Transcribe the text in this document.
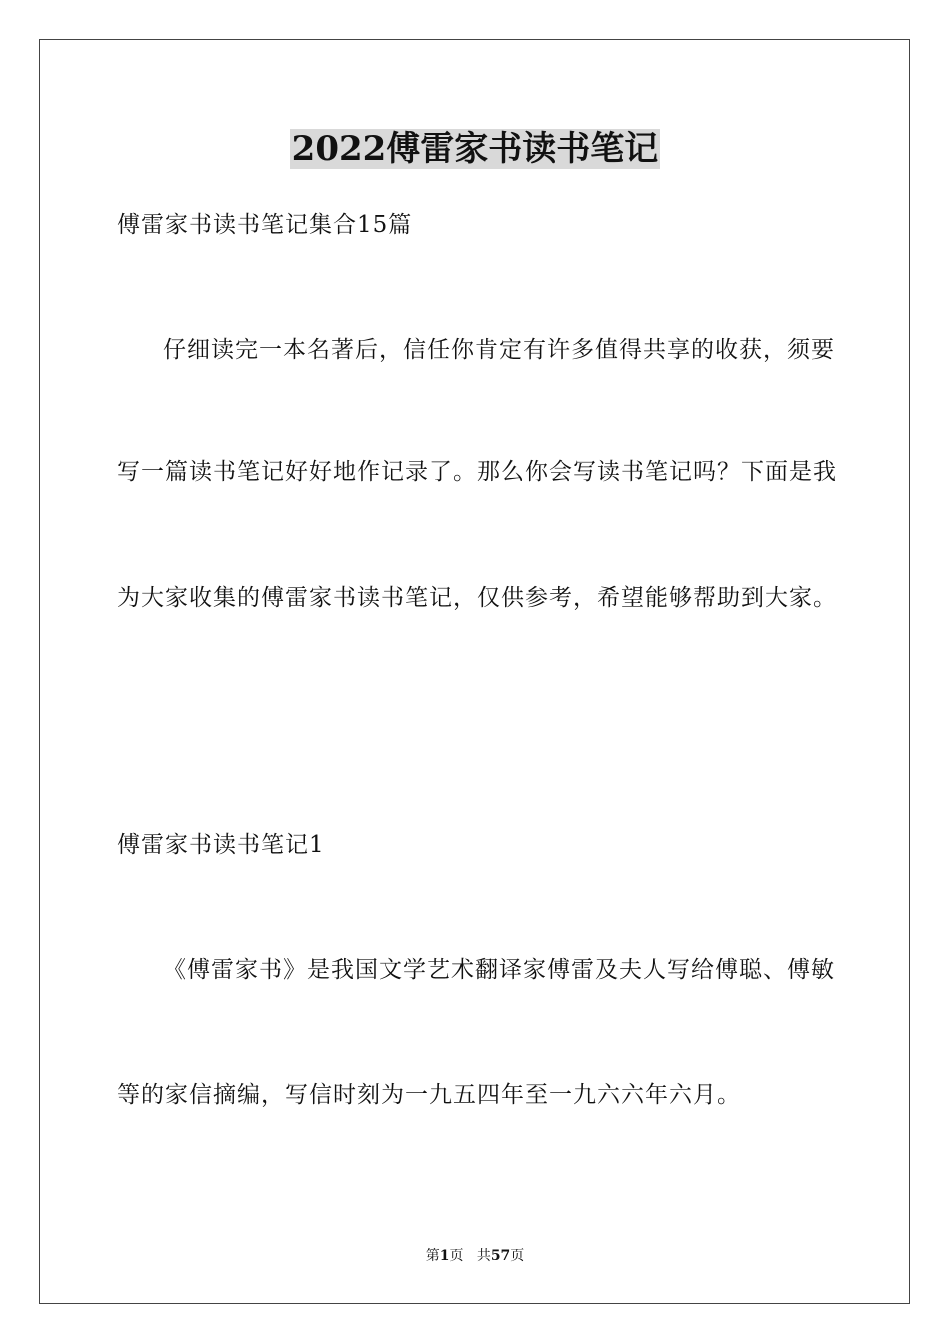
2022傅雷家书读书笔记
傅雷家书读书笔记集合15篇
仔细读完一本名著后，信任你肯定有许多值得共享的收获，须要
写一篇读书笔记好好地作记录了。那么你会写读书笔记吗？下面是我
为大家收集的傅雷家书读书笔记，仅供参考，希望能够帮助到大家。
傅雷家书读书笔记1
《傅雷家书》是我国文学艺术翻译家傅雷及夫人写给傅聪、傅敏
等的家信摘编，写信时刻为一九五四年至一九六六年六月。
第1页 共57页
